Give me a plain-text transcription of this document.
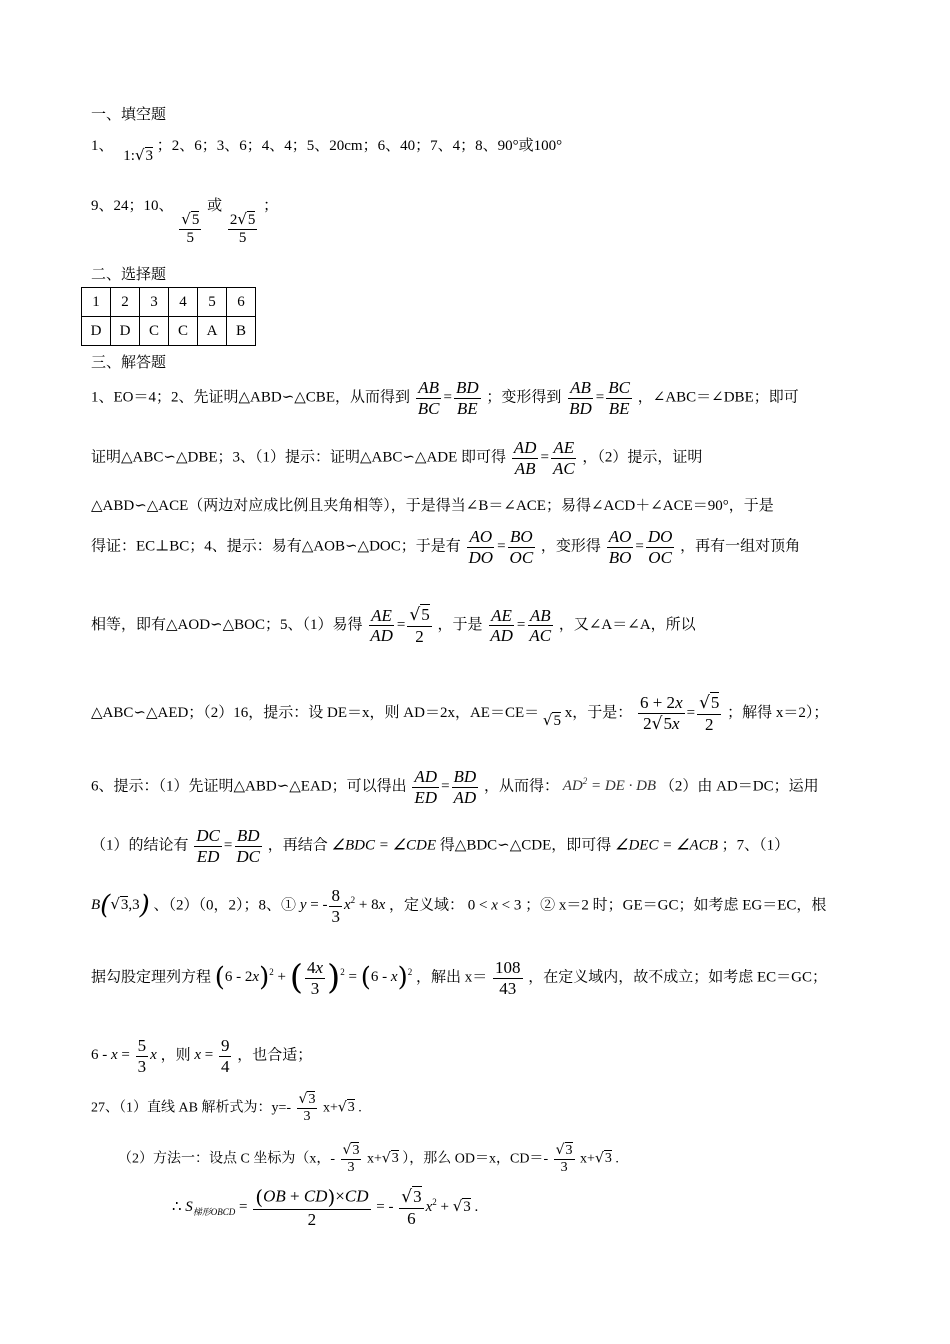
一、填空题
1、 1:√3 ；2、6；3、6；4、4；5、20cm；6、40；7、4；8、90°或100°
9、24；10、
$\frac{√5}{5}$
或
$\frac{2√5}{5}$
；
二、选择题
1	2	3	4	5	6
D	D	C	C	A	B
三、解答题
1、EO＝4；2、先证明△ABD∽△CBE，从而得到 $\frac{AB}{BC} = \frac{BD}{BE}$ ；变形得到 $\frac{AB}{BD} = \frac{BC}{BE}$ ，∠ABC＝∠DBE；即可
证明△ABC∽△DBE；3、（1）提示：证明△ABC∽△ADE 即可得 $\frac{AD}{AB} = \frac{AE}{AC}$ ，（2）提示，证明
△ABD∽△ACE（两边对应成比例且夹角相等），于是得当∠B＝∠ACE；易得∠ACD＋∠ACE＝90°，于是
得证：EC⊥BC；4、提示：易有△AOB∽△DOC；于是有 $\frac{AO}{DO} = \frac{BO}{OC}$ ，变形得 $\frac{AO}{BO} = \frac{DO}{OC}$ ，再有一组对顶角
相等，即有△AOD∽△BOC；5、（1）易得 $\frac{AE}{AD} = \frac{√5}{2}$ ，于是 $\frac{AE}{AD} = \frac{AB}{AC}$ ，又∠A＝∠A，所以
△ABC∽△AED；（2）16，提示：设 DE＝x，则 AD＝2x，AE＝CE＝ √5 x，于是： $\frac{6 + 2x}{2√5x} = \frac{√5}{2}$ ；解得 x＝2）；
6、提示：（1）先证明△ABD∽△EAD；可以得出 $\frac{AD}{ED} = \frac{BD}{AD}$ ，从而得： $AD^2$ = DE · DB （2）由 AD＝DC；运用
（1）的结论有 $\frac{DC}{ED} = \frac{BD}{DC}$ ，再结合 ∠BDC = ∠CDE 得△BDC∽△CDE，即可得 ∠DEC = ∠ACB ；7、（1）
B(√3,3) 、（2）（0，2）；8、① y = - $\frac{8}{3} x^2 + 8x$ ，定义域： 0 < x < 3 ；② x＝2 时；GE＝GC；如考虑 EG＝EC，根
据勾股定理列方程 (6 - 2x)$^2$ + ( $\frac{4x}{3} )^2 = (6 - x)^2$ ，解出 $x= \frac{108}{43}$ ，在定义域内，故不成立；如考虑 EC＝GC；
$6 - x = \frac{5}{3}$ x ，则 $x = \frac{9}{4}$ ，也合适；
27、（1）直线 AB 解析式为：$y=- \frac{√3}{3} x+√3$ .
（2）方法一：设点 C 坐标为（x，- $\frac{√3}{3} x+√3$ ），那么 OD＝x，$CD=- \frac{√3}{3} x+√3$ .
∴ $S_{梯形OBCD} = \frac{(OB + CD)\times CD}{2}$ = - $\frac{√3}{6} x^2 + √3$ .
